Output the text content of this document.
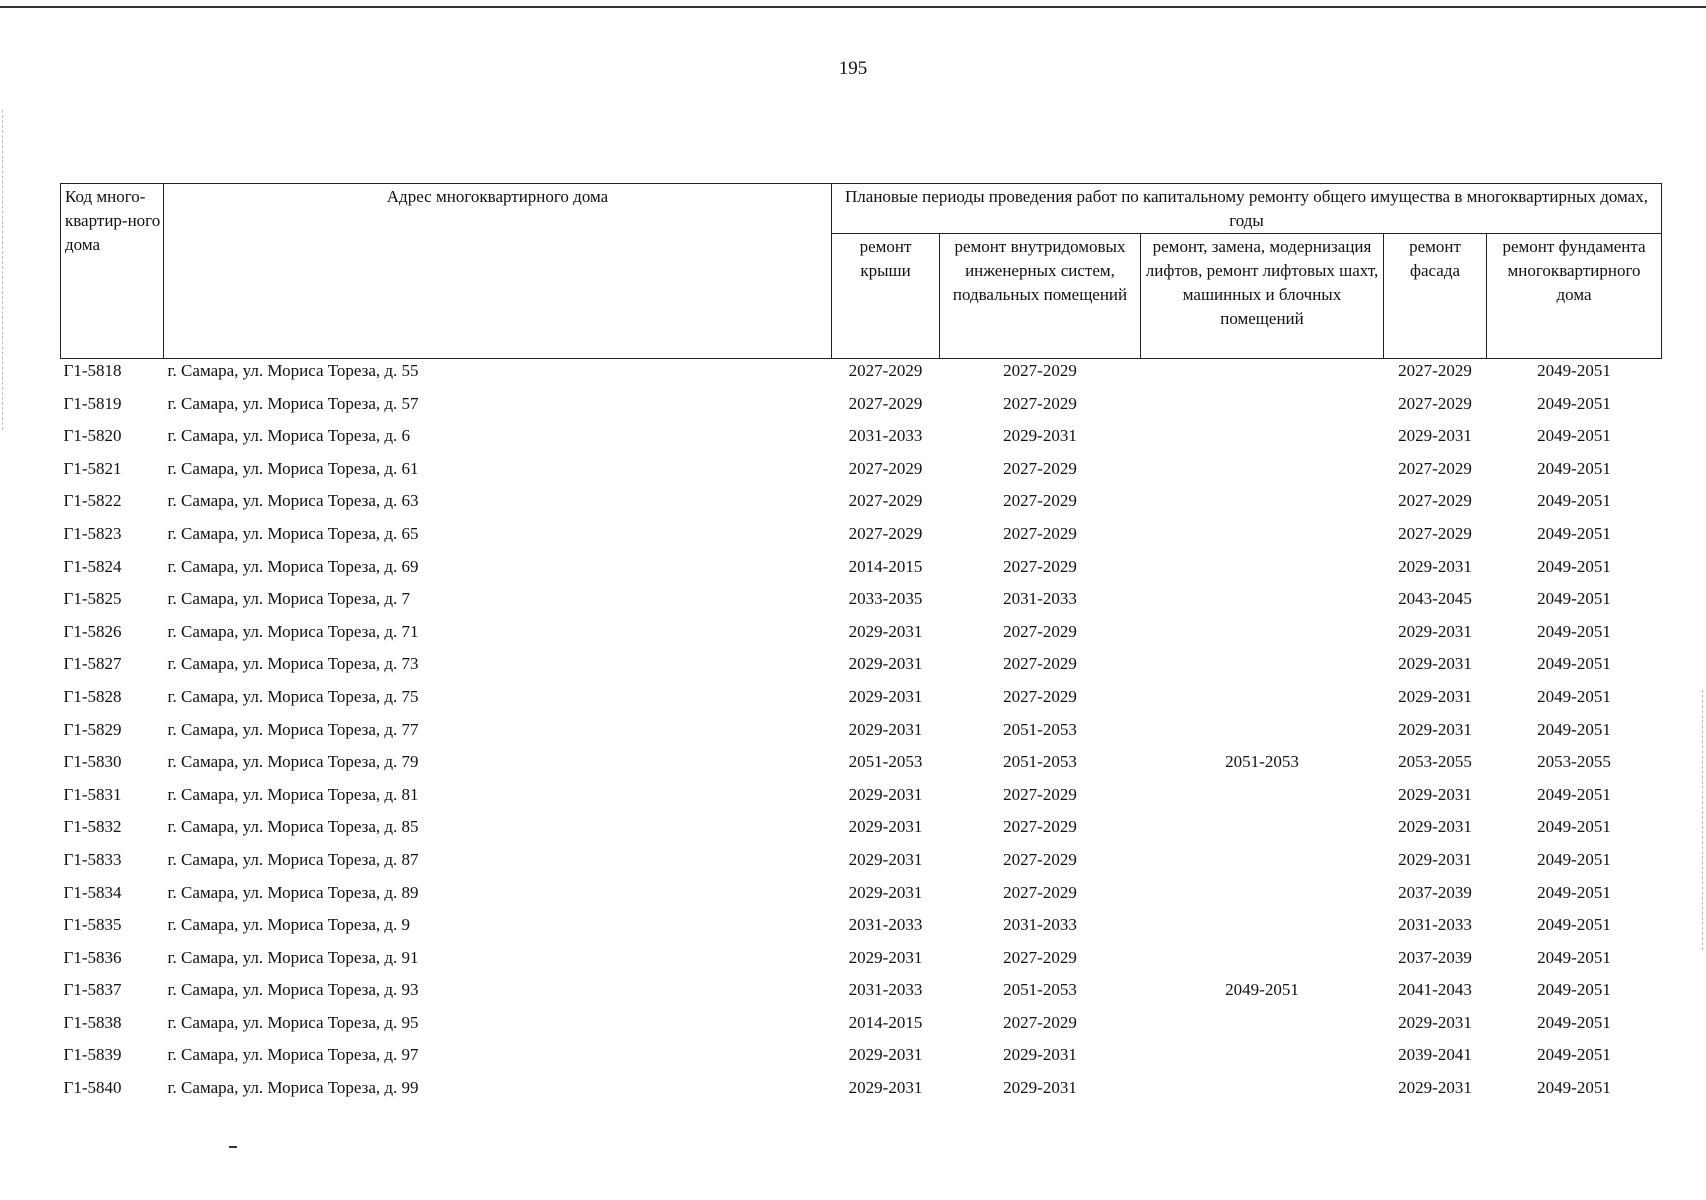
195
Код много-квартир-ного дома	Адрес многоквартирного дома	Плановые периоды проведения работ по капитальному ремонту общего имущества в многоквартирных домах, годы				
		ремонт крыши	ремонт внутридомовых инженерных систем, подвальных помещений	ремонт, замена, модернизация лифтов, ремонт лифтовых шахт, машинных и блочных помещений	ремонт фасада	ремонт фундамента многоквартирного дома
Г1-5818	г. Самара, ул. Мориса Тореза, д. 55	2027-2029	2027-2029		2027-2029	2049-2051
Г1-5819	г. Самара, ул. Мориса Тореза, д. 57	2027-2029	2027-2029		2027-2029	2049-2051
Г1-5820	г. Самара, ул. Мориса Тореза, д. 6	2031-2033	2029-2031		2029-2031	2049-2051
Г1-5821	г. Самара, ул. Мориса Тореза, д. 61	2027-2029	2027-2029		2027-2029	2049-2051
Г1-5822	г. Самара, ул. Мориса Тореза, д. 63	2027-2029	2027-2029		2027-2029	2049-2051
Г1-5823	г. Самара, ул. Мориса Тореза, д. 65	2027-2029	2027-2029		2027-2029	2049-2051
Г1-5824	г. Самара, ул. Мориса Тореза, д. 69	2014-2015	2027-2029		2029-2031	2049-2051
Г1-5825	г. Самара, ул. Мориса Тореза, д. 7	2033-2035	2031-2033		2043-2045	2049-2051
Г1-5826	г. Самара, ул. Мориса Тореза, д. 71	2029-2031	2027-2029		2029-2031	2049-2051
Г1-5827	г. Самара, ул. Мориса Тореза, д. 73	2029-2031	2027-2029		2029-2031	2049-2051
Г1-5828	г. Самара, ул. Мориса Тореза, д. 75	2029-2031	2027-2029		2029-2031	2049-2051
Г1-5829	г. Самара, ул. Мориса Тореза, д. 77	2029-2031	2051-2053		2029-2031	2049-2051
Г1-5830	г. Самара, ул. Мориса Тореза, д. 79	2051-2053	2051-2053	2051-2053	2053-2055	2053-2055
Г1-5831	г. Самара, ул. Мориса Тореза, д. 81	2029-2031	2027-2029		2029-2031	2049-2051
Г1-5832	г. Самара, ул. Мориса Тореза, д. 85	2029-2031	2027-2029		2029-2031	2049-2051
Г1-5833	г. Самара, ул. Мориса Тореза, д. 87	2029-2031	2027-2029		2029-2031	2049-2051
Г1-5834	г. Самара, ул. Мориса Тореза, д. 89	2029-2031	2027-2029		2037-2039	2049-2051
Г1-5835	г. Самара, ул. Мориса Тореза, д. 9	2031-2033	2031-2033		2031-2033	2049-2051
Г1-5836	г. Самара, ул. Мориса Тореза, д. 91	2029-2031	2027-2029		2037-2039	2049-2051
Г1-5837	г. Самара, ул. Мориса Тореза, д. 93	2031-2033	2051-2053	2049-2051	2041-2043	2049-2051
Г1-5838	г. Самара, ул. Мориса Тореза, д. 95	2014-2015	2027-2029		2029-2031	2049-2051
Г1-5839	г. Самара, ул. Мориса Тореза, д. 97	2029-2031	2029-2031		2039-2041	2049-2051
Г1-5840	г. Самара, ул. Мориса Тореза, д. 99	2029-2031	2029-2031		2029-2031	2049-2051
